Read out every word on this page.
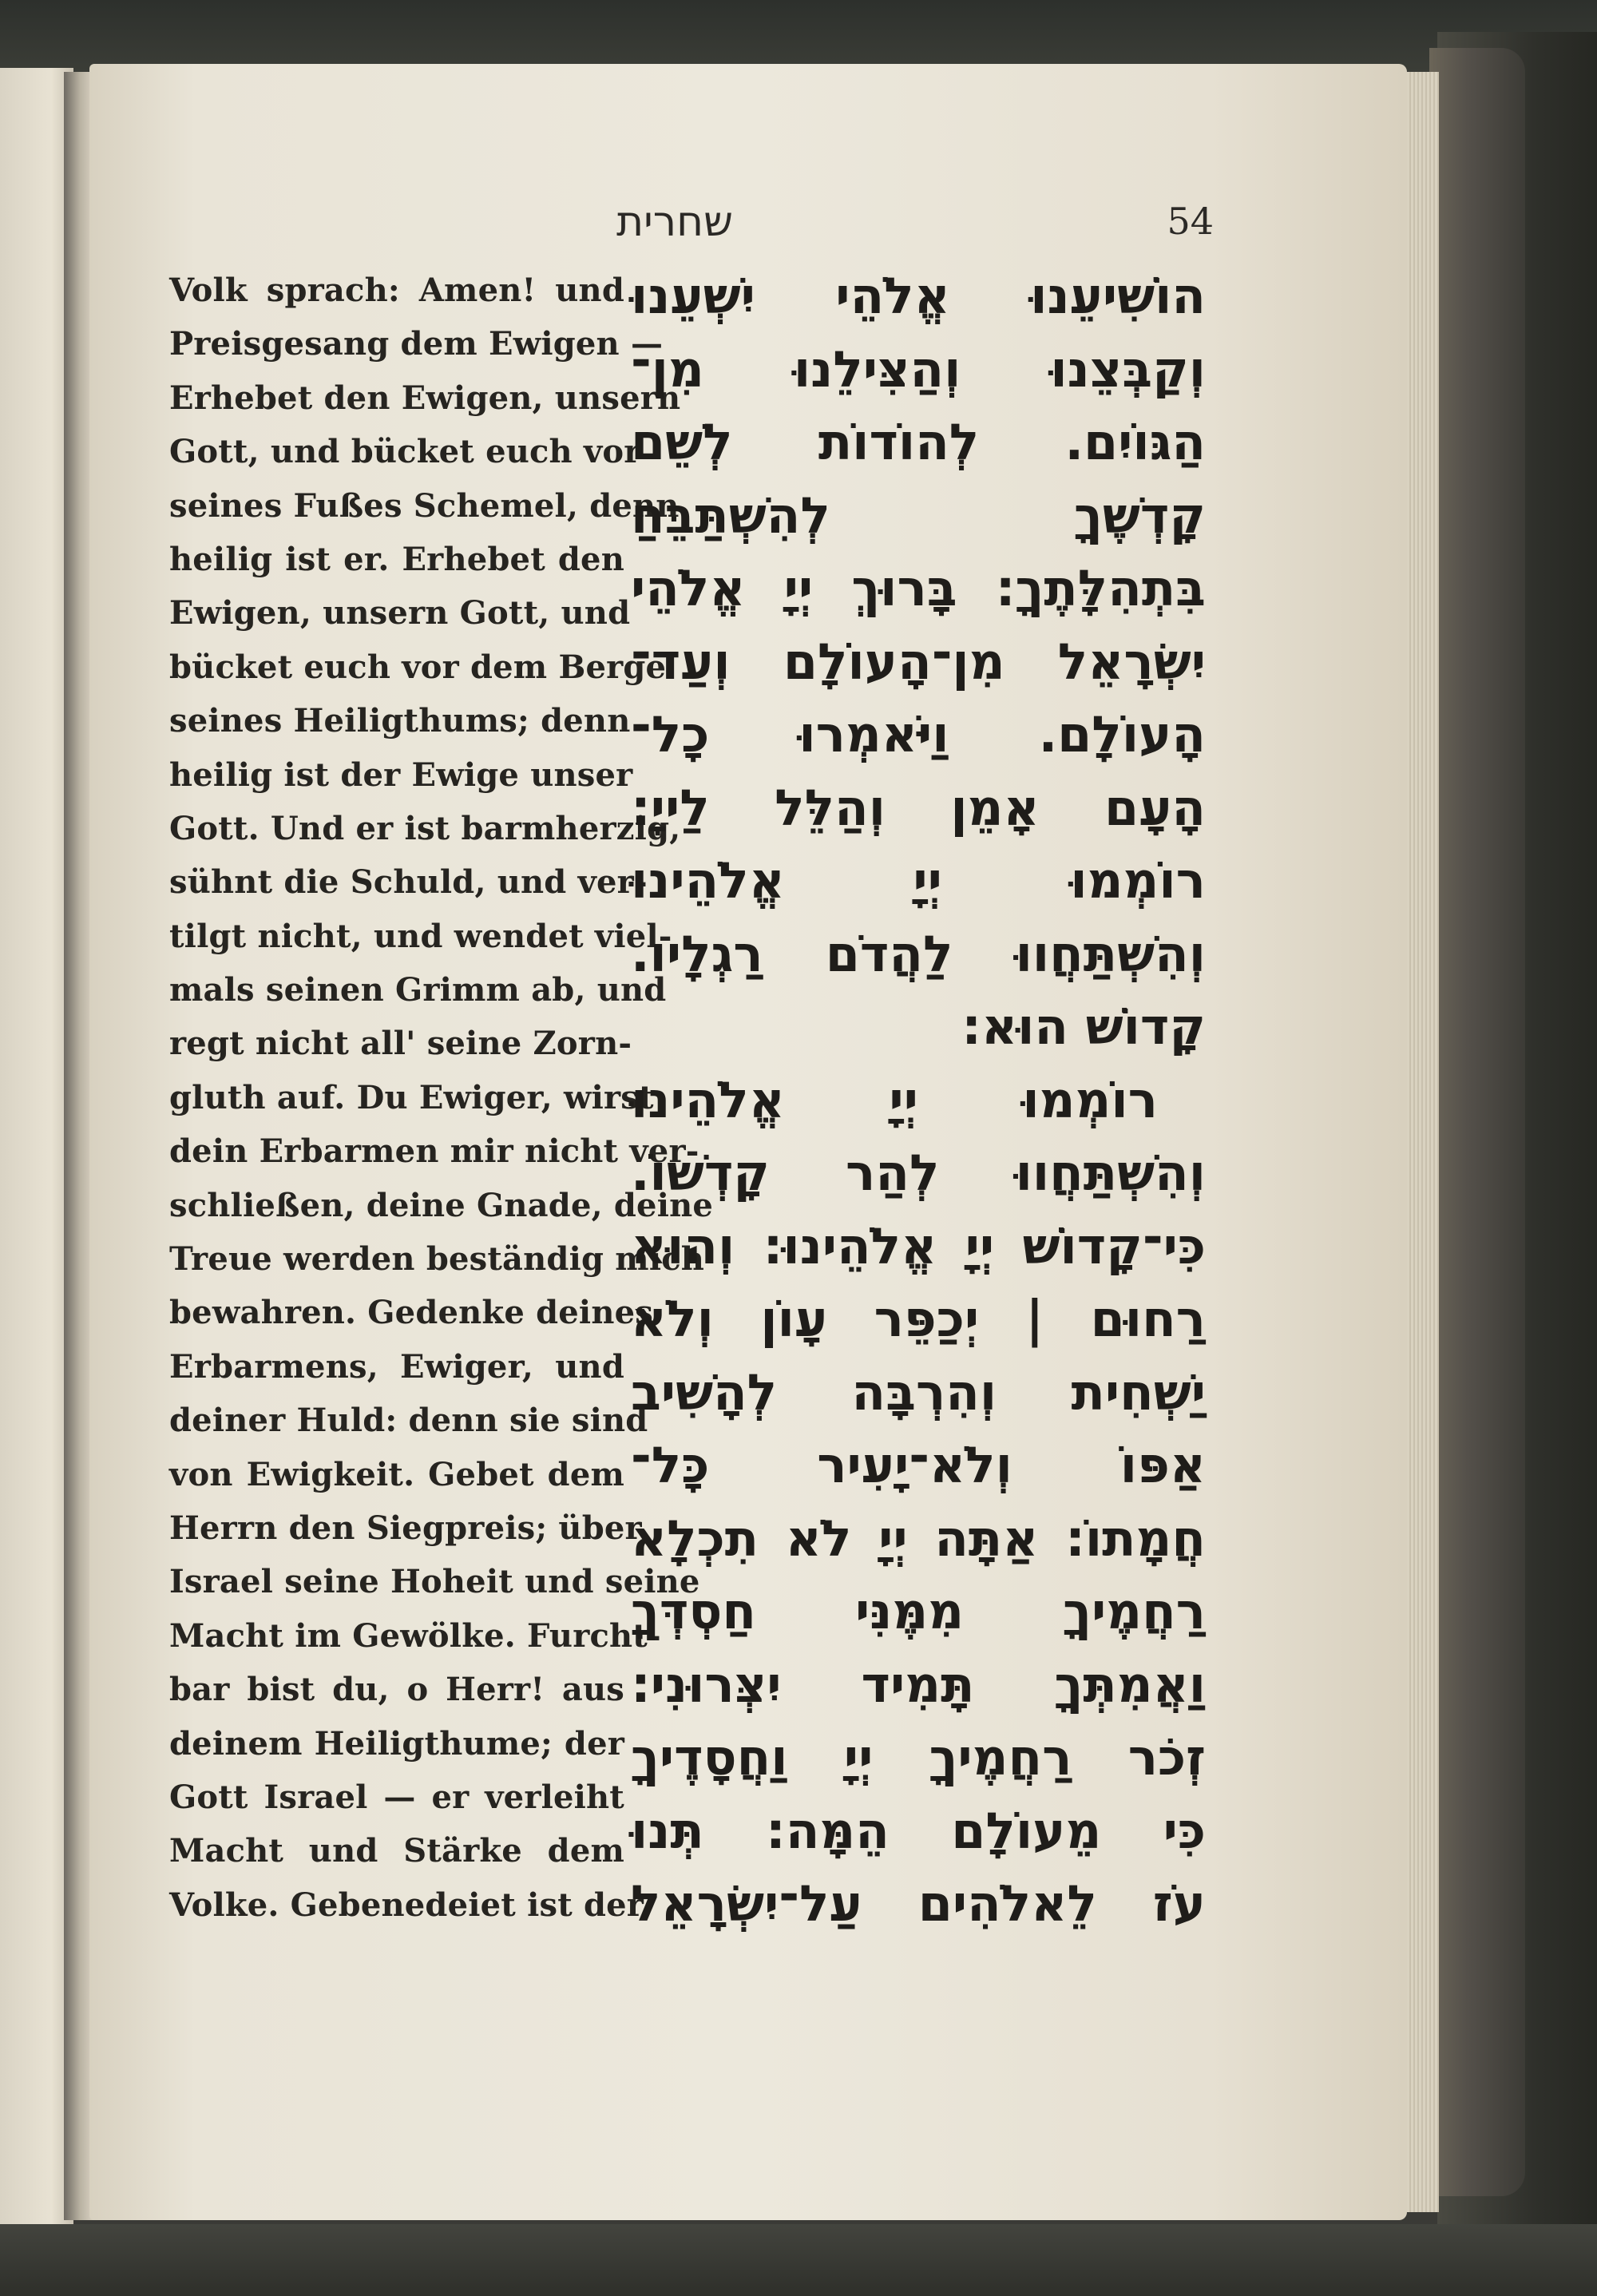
שחרית	54
Volk sprach: Amen! und
Preisgesang dem Ewigen —
Erhebet den Ewigen, unsern
Gott, und bücket euch vor
seines Fußes Schemel, denn
heilig ist er. Erhebet den
Ewigen, unsern Gott, und
bücket euch vor dem Berge
seines Heiligthums; denn
heilig ist der Ewige unser
Gott. Und er ist barmherzig,
sühnt die Schuld, und ver-
tilgt nicht, und wendet viel-
mals seinen Grimm ab, und
regt nicht all' seine Zorn-
gluth auf. Du Ewiger, wirst
dein Erbarmen mir nicht ver-
schließen, deine Gnade, deine
Treue werden beständig mich
bewahren. Gedenke deines
Erbarmens, Ewiger, und
deiner Huld: denn sie sind
von Ewigkeit. Gebet dem
Herrn den Siegpreis; über
Israel seine Hoheit und seine
Macht im Gewölke. Furcht-
bar bist du, o Herr! aus
deinem Heiligthume; der
Gott Israel — er verleiht
Macht und Stärke dem
Volke. Gebenedeiet ist der
הוֹשִׁיעֵנוּ אֱלֹהֵי יִשְׁעֵנוּ
וְקַבְּצֵנוּ וְהַצִּילֵנוּ מִן־
הַגּוֹיִם. לְהוֹדוֹת לְשֵׁם
קָדְשֶׁךָ לְהִשְׁתַּבֵּחַ
בִּתְהִלָּתֶךָ: בָּרוּךְ יְיָ אֱלֹהֵי
יִשְׂרָאֵל מִן־הָעוֹלָם וְעַד־
הָעוֹלָם. וַיֹּאמְרוּ כָל־
הָעָם אָמֵן וְהַלֵּל לַייָ:
רוֹמְמוּ יְיָ אֱלֹהֵינוּ
וְהִשְׁתַּחֲווּ לַהֲדֹם רַגְלָיו.
קָדוֹשׁ הוּא:
רוֹמְמוּ יְיָ אֱלֹהֵינוּ
וְהִשְׁתַּחֲווּ לְהַר קָדְשׁוֹ.
כִּי־קָדוֹשׁ יְיָ אֱלֹהֵינוּ: וְהוּא
רַחוּם | יְכַפֵּר עָוֹן וְלֹא
יַשְׁחִית וְהִרְבָּה לְהָשִׁיב
אַפּוֹ וְלֹא־יָעִיר כָּל־
חֲמָתוֹ: אַתָּה יְיָ לֹא תִכְלָא
רַחֲמֶיךָ מִמֶּנִּי חַסְדְּךָ
וַאֲמִתְּךָ תָּמִיד יִצְּרוּנִי:
זְכֹר רַחֲמֶיךָ יְיָ וַחֲסָדֶיךָ
כִּי מֵעוֹלָם הֵמָּה: תְּנוּ
עֹז לֵאלֹהִים עַל־יִשְׂרָאֵל
